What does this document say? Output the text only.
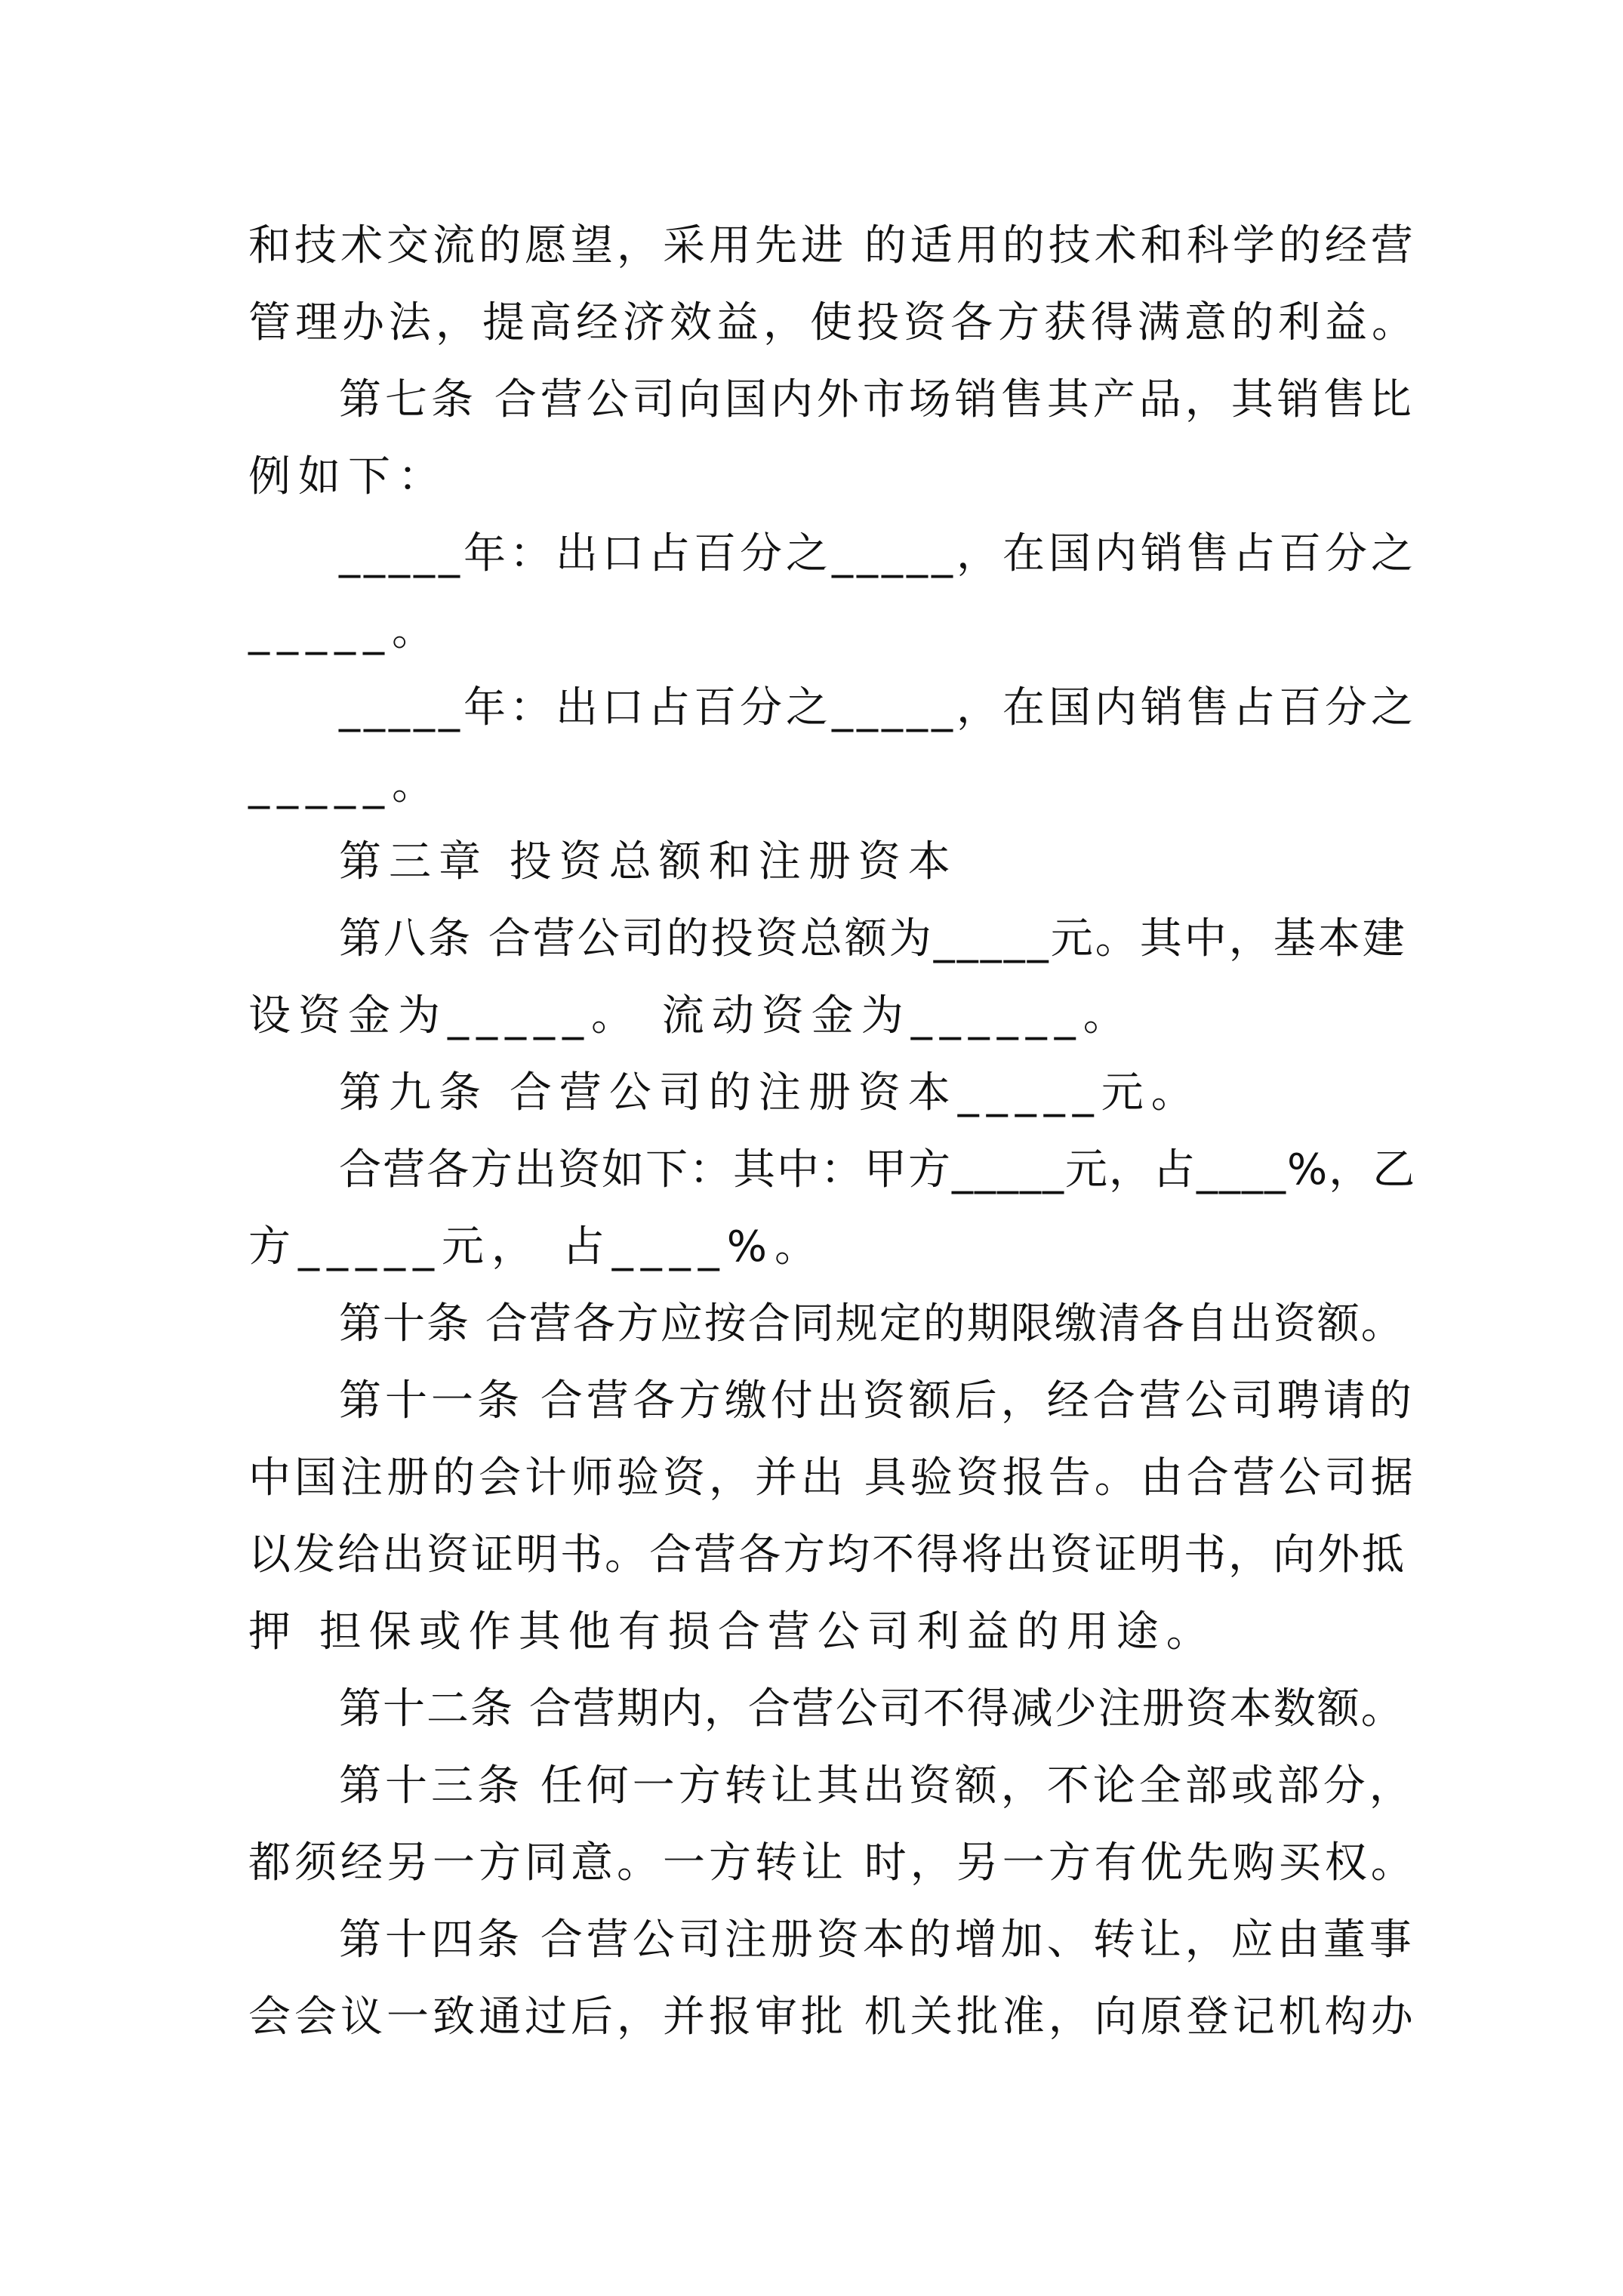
和技术交流的愿望，采用先进 的适用的技术和科学的经营
管理办法，提高经济效益，使投资各方获得满意的利益。
第七条 合营公司向国内外市场销售其产品，其销售比
例如下：
_____年：出口占百分之_____，在国内销售占百分之
_____。
_____年：出口占百分之_____，在国内销售占百分之
_____。
第三章 投资总额和注册资本
第八条 合营公司的投资总额为_____元。其中，基本建
设资金为_____。 流动资金为______。
第九条 合营公司的注册资本_____元。
合营各方出资如下：其中：甲方_____元，占____%，乙
方_____元， 占____%。
第十条 合营各方应按合同规定的期限缴清各自出资额。
第十一条 合营各方缴付出资额后，经合营公司聘请的
中国注册的会计师验资，并出 具验资报告。由合营公司据
以发给出资证明书。合营各方均不得将出资证明书，向外抵
押 担保或作其他有损合营公司利益的用途。
第十二条 合营期内，合营公司不得减少注册资本数额。
第十三条 任何一方转让其出资额，不论全部或部分，
都须经另一方同意。一方转让 时，另一方有优先购买权。
第十四条 合营公司注册资本的增加、转让，应由董事
会会议一致通过后，并报审批 机关批准，向原登记机构办
